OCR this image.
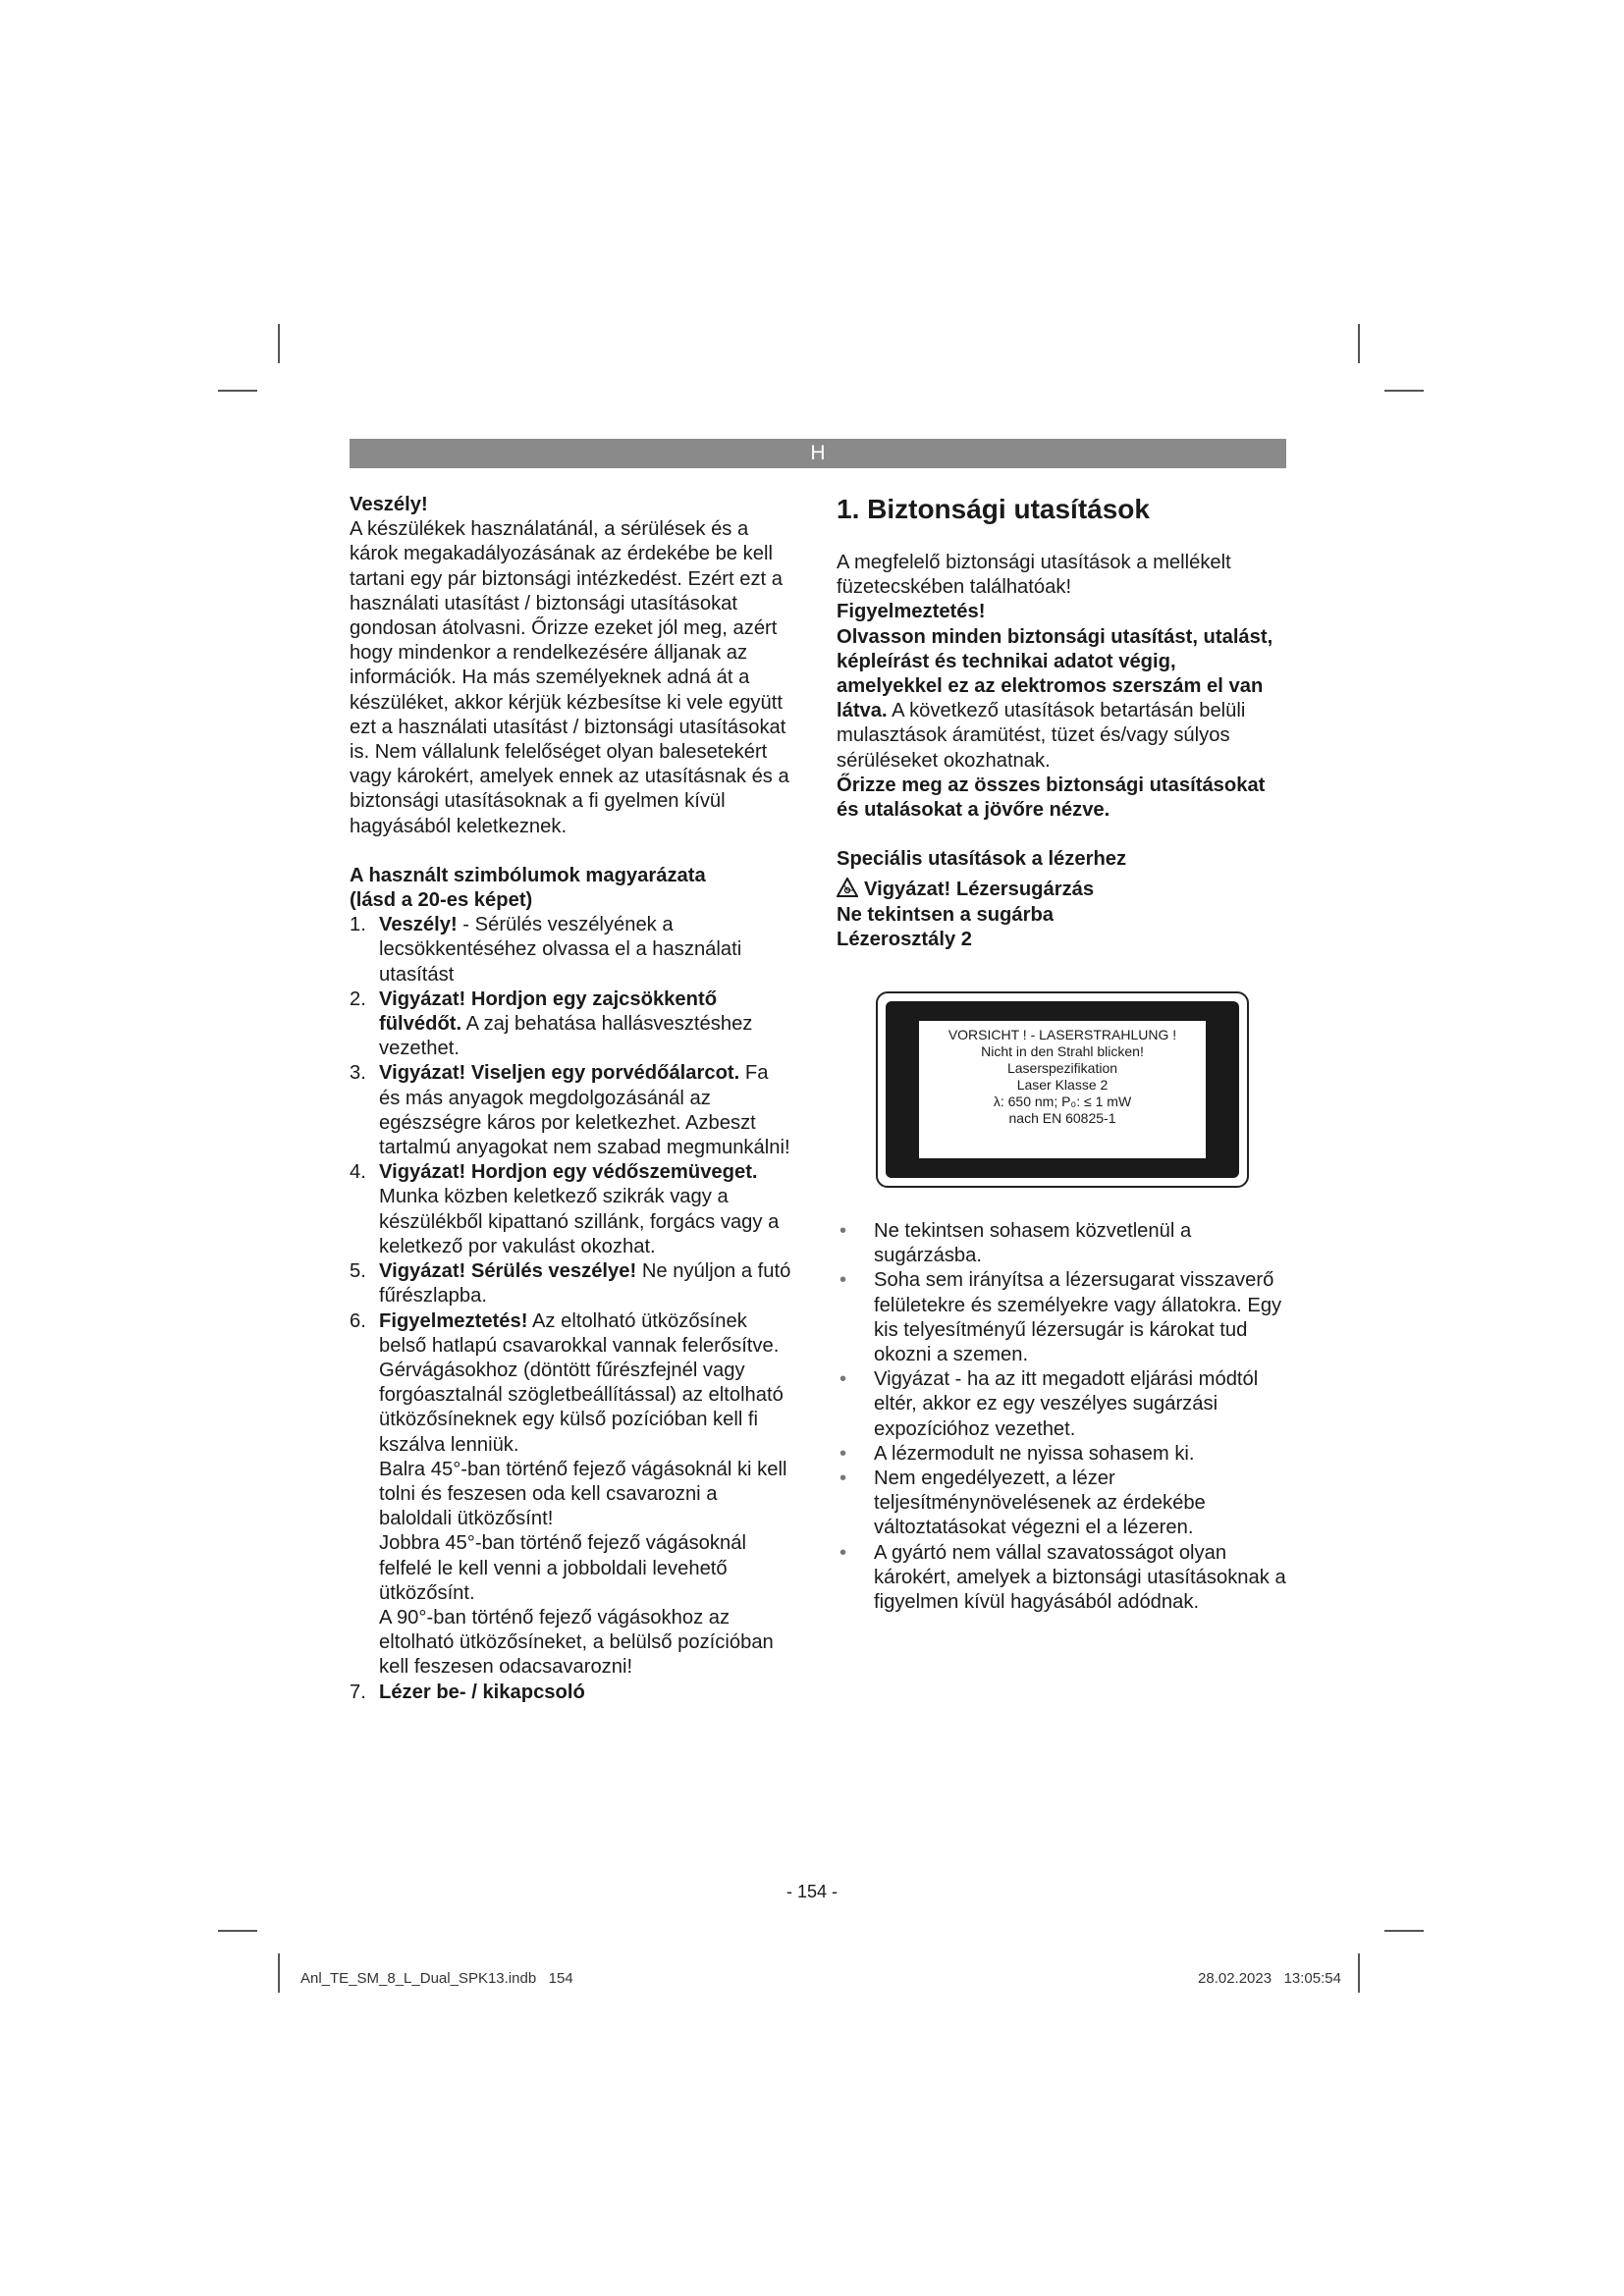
H

Veszély!

A készülékek használatánál, a sérülések és a károk megakadályozásának az érdekébe be kell tartani egy pár biztonsági intézkedést. Ezért ezt a használati utasítást / biztonsági utasításokat gondosan átolvasni. Őrizze ezeket jól meg, azért hogy mindenkor a rendelkezésére álljanak az információk. Ha más személyeknek adná át a készüléket, akkor kérjük kézbesítse ki vele együtt ezt a használati utasítást / biztonsági utasításokat is. Nem vállalunk felelőséget olyan balesetekért vagy károkért, amelyek ennek az utasításnak és a biztonsági utasításoknak a fi gyelmen kívül hagyásából keletkeznek.

A használt szimbólumok magyarázata

(lásd a 20-es képet)

1. Veszély! - Sérülés veszélyének a lecsökkentéséhez olvassa el a használati utasítást
2. Vigyázat! Hordjon egy zajcsökkentő fülvédőt. A zaj behatása hallásvesztéshez vezethet.
3. Vigyázat! Viseljen egy porvédőálarcot. Fa és más anyagok megdolgozásánál az egészségre káros por keletkezhet. Azbeszt tartalmú anyagokat nem szabad megmunkálni!
4. Vigyázat! Hordjon egy védőszemüveget. Munka közben keletkező szikrák vagy a készülékből kipattanó szillánk, forgács vagy a keletkező por vakulást okozhat.
5. Vigyázat! Sérülés veszélye! Ne nyúljon a futó fűrészlapba.
6. Figyelmeztetés! Az eltolható ütközősínek belső hatlapú csavarokkal vannak felerősítve. Gérvágásokhoz (döntött fűrészfejnél vagy forgóasztalnál szögletbeállítással) az eltolható ütközősíneknek egy külső pozícióban kell fi kszálva lenniük.

Balra 45°-ban történő fejező vágásoknál ki kell tolni és feszesen oda kell csavarozni a baloldali ütközősínt!

Jobbra 45°-ban történő fejező vágásoknál felfelé le kell venni a jobboldali levehető ütközősínt.

A 90°-ban történő fejező vágásokhoz az eltolható ütközősíneket, a belülső pozícióban kell feszesen odacsavarozni!

7. Lézer be- / kikapcsoló

1. Biztonsági utasítások

A megfelelő biztonsági utasítások a mellékelt füzetecskében találhatóak!

Figyelmeztetés!

Olvasson minden biztonsági utasítást, utalást, képleírást és technikai adatot végig, amelyekkel ez az elektromos szerszám el van látva. A következő utasítások betartásán belüli mulasztások áramütést, tüzet és/vagy súlyos sérüléseket okozhatnak.

Őrizze meg az összes biztonsági utasításokat és utalásokat a jövőre nézve.

Speciális utasítások a lézerhez

Vigyázat! Lézersugárzás

Ne tekintsen a sugárba

Lézerosztály 2

VORSICHT ! - LASERSTRAHLUNG !
Nicht in den Strahl blicken!
Laserspezifikation
Laser Klasse 2
λ: 650 nm; P₀: ≤ 1 mW
nach EN 60825-1
• Ne tekintsen sohasem közvetlenül a sugárzásba.
• Soha sem irányítsa a lézersugarat visszaverő felületekre és személyekre vagy állatokra. Egy kis telyesítményű lézersugár is károkat tud okozni a szemen.
• Vigyázat - ha az itt megadott eljárási módtól eltér, akkor ez egy veszélyes sugárzási expozícióhoz vezethet.
• A lézermodult ne nyissa sohasem ki.
• Nem engedélyezett, a lézer teljesítménynövelésenek az érdekébe változtatásokat végezni el a lézeren.
• A gyártó nem vállal szavatosságot olyan károkért, amelyek a biztonsági utasításoknak a figyelmen kívül hagyásából adódnak.
- 154 -
Anl_TE_SM_8_L_Dual_SPK13.indb   154	28.02.2023   13:05:54
